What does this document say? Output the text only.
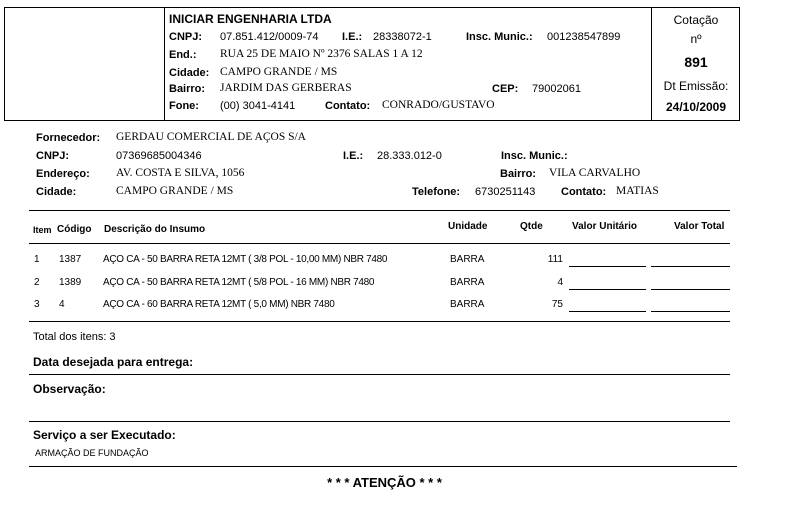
INICIAR ENGENHARIA LTDA
CNPJ: 07.851.412/0009-74 I.E.: 28338072-1	Insc. Munic.: 001238547899
End.: RUA 25 DE MAIO Nº 2376 SALAS 1 A 12
Cidade: CAMPO GRANDE / MS
Bairro: JARDIM DAS GERBERAS	CEP: 79002061
Fone: (00) 3041-4141	Contato: CONRADO/GUSTAVO
Cotação
nº
891
Dt Emissão:
24/10/2009
Fornecedor: GERDAU COMERCIAL DE AÇOS S/A
CNPJ:	07369685004346	I.E.: 28.333.012-0	Insc. Munic.:
Endereço: AV. COSTA E SILVA, 1056	Bairro: VILA CARVALHO
Cidade:	CAMPO GRANDE / MS	Telefone: 6730251143 Contato: MATIAS
Item Código Descrição do Insumo	Unidade	Qtde	Valor Unitário	Valor Total
1 1387 AÇO CA - 50 BARRA RETA 12MT ( 3/8 POL - 10,00 MM) NBR 7480	BARRA	111
2 1389 AÇO CA - 50 BARRA RETA 12MT ( 5/8 POL - 16 MM) NBR 7480	BARRA	4
3 4	AÇO CA - 60 BARRA RETA 12MT ( 5,0 MM) NBR 7480	BARRA	75
Total dos itens: 3
Data desejada para entrega:
Observação:
Serviço a ser Executado:
ARMAÇÃO DE FUNDAÇÃO
* * * ATENÇÃO * * *
